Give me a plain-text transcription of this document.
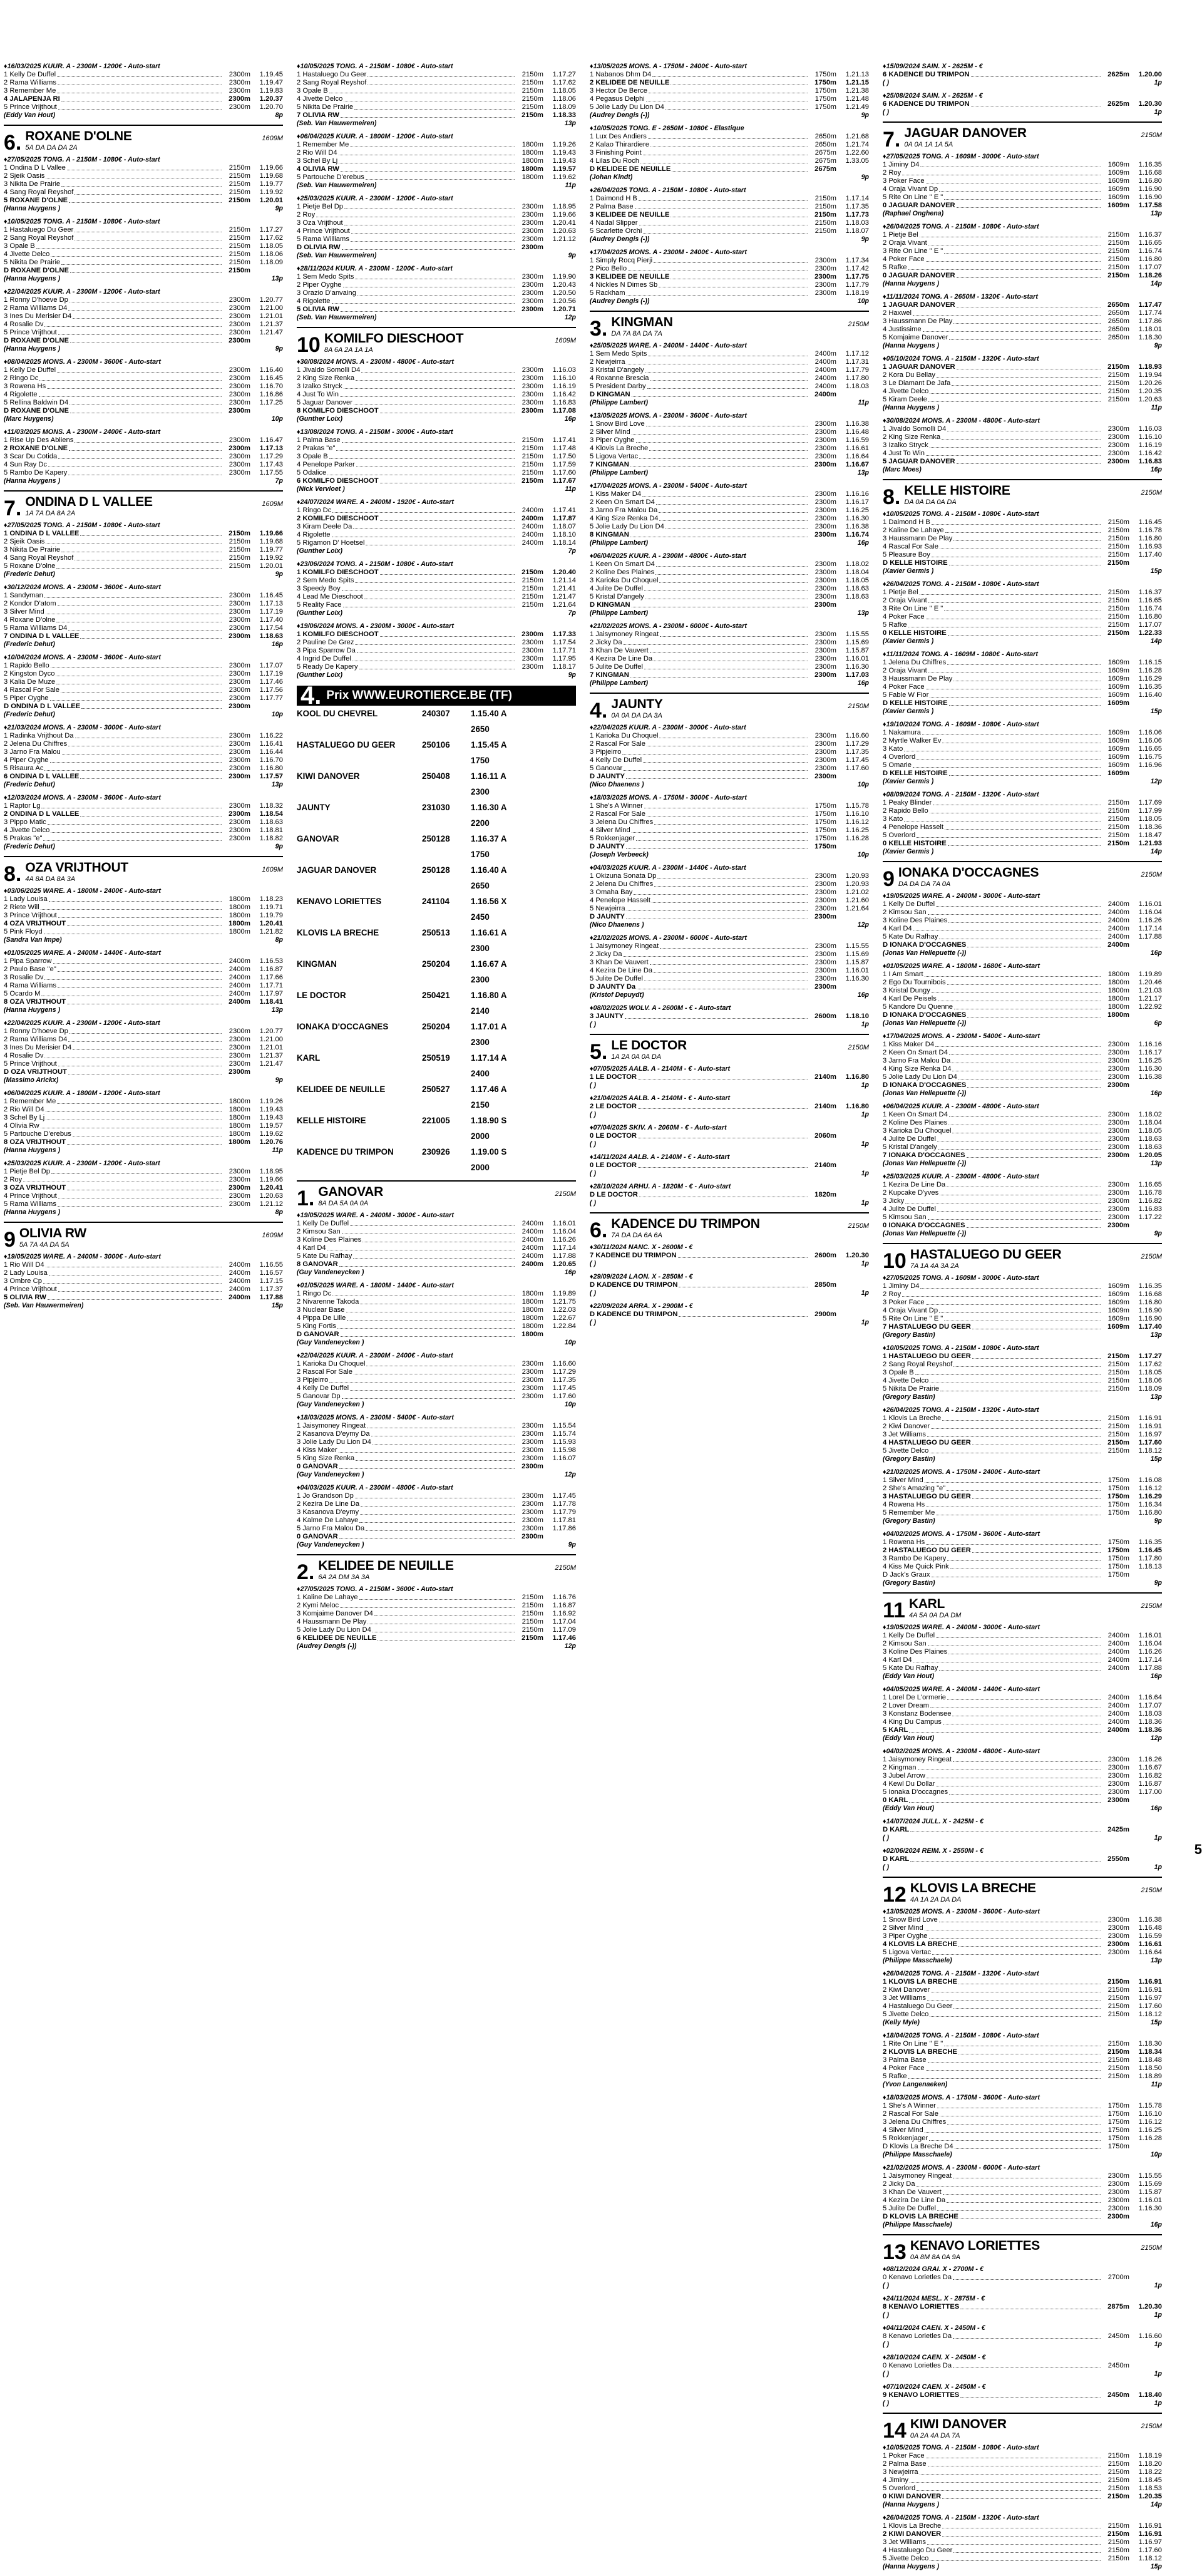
♦ 16/03/2025 KUUR. A - 2300M - 1200€ - Auto-start
1 Kelly De Duffel	2300m	1.19.45
2 Rama Williams	2300m	1.19.47
3 Remember Me	2300m	1.19.83
4 JALAPENJA RI	2300m	1.20.37
5 Prince Vrijthout	2300m	1.20.70
(Eddy Van Hout)	8p
6. ROXANE D'OLNE	1609M
5A DA DA DA 2A
♦ 27/05/2025 TONG. A - 2150M - 1080€ - Auto-start
1 Ondina D L Vallee	2150m	1.19.66
2 Sjeik Oasis	2150m	1.19.68
3 Nikita De Prairie	2150m	1.19.77
4 Sang Royal Reyshof	2150m	1.19.92
5 ROXANE D'OLNE	2150m	1.20.01
(Hanna Huygens )	9p
♦ 10/05/2025 TONG. A - 2150M - 1080€ - Auto-start
1 Hastaluego Du Geer	2150m	1.17.27
2 Sang Royal Reyshof	2150m	1.17.62
3 Opale B	2150m	1.18.05
4 Jivette Delco	2150m	1.18.06
5 Nikita De Prairie	2150m	1.18.09
D ROXANE D'OLNE	2150m
(Hanna Huygens )	13p
♦ 22/04/2025 KUUR. A - 2300M - 1200€ - Auto-start
1 Ronny D'hoeve Dp	2300m	1.20.77
2 Rama Williams D4	2300m	1.21.00
3 Ines Du Merisier D4	2300m	1.21.01
4 Rosalie Dv	2300m	1.21.37
5 Prince Vrijthout	2300m	1.21.47
D ROXANE D'OLNE	2300m
(Hanna Huygens )	9p
♦ 08/04/2025 MONS. A - 2300M - 3600€ - Auto-start
1 Kelly De Duffel	2300m	1.16.40
2 Ringo Dc	2300m	1.16.45
3 Rowena Hs	2300m	1.16.70
4 Rigolette	2300m	1.16.86
5 Rellina Baldwin D4	2300m	1.17.25
D ROXANE D'OLNE	2300m
(Marc Huygens)	10p
♦ 11/03/2025 MONS. A - 2300M - 2400€ - Auto-start
1 Rise Up Des Abliens	2300m	1.16.47
2 ROXANE D'OLNE	2300m	1.17.13
3 Scar Du Cotida	2300m	1.17.29
4 Sun Ray Dc	2300m	1.17.43
5 Rambo De Kapery	2300m	1.17.55
(Hanna Huygens )	7p
7. ONDINA D L VALLEE	1609M
1A 7A DA 8A 2A
♦ 27/05/2025 TONG. A - 2150M - 1080€ - Auto-start
1 ONDINA D L VALLEE	2150m	1.19.66
2 Sjeik Oasis	2150m	1.19.68
3 Nikita De Prairie	2150m	1.19.77
4 Sang Royal Reyshof	2150m	1.19.92
5 Roxane D'olne	2150m	1.20.01
(Frederic Dehut)	9p
♦ 30/12/2024 MONS. A - 2300M - 3600€ - Auto-start
1 Sandyman	2300m	1.16.45
2 Kondor D'atom	2300m	1.17.13
3 Silver Mind	2300m	1.17.19
4 Roxane D'olne	2300m	1.17.40
5 Rama Williams D4	2300m	1.17.54
7 ONDINA D L VALLEE	2300m	1.18.63
(Frederic Dehut)	16p
♦ 10/04/2024 MONS. A - 2300M - 3600€ - Auto-start
1 Rapido Bello	2300m	1.17.07
2 Kingston Dyco	2300m	1.17.19
3 Kalia De Muze	2300m	1.17.46
4 Rascal For Sale	2300m	1.17.56
5 Piper Oyghe	2300m	1.17.77
D ONDINA D L VALLEE	2300m
(Frederic Dehut)	10p
♦ 21/03/2024 MONS. A - 2300M - 3000€ - Auto-start
1 Radinka Vrijthout Da	2300m	1.16.22
2 Jelena Du Chiffres	2300m	1.16.41
3 Jarno Fra Malou	2300m	1.16.44
4 Piper Oyghe	2300m	1.16.70
5 Risaura Ac	2300m	1.16.80
6 ONDINA D L VALLEE	2300m	1.17.57
(Frederic Dehut)	13p
♦ 12/03/2024 MONS. A - 2300M - 3600€ - Auto-start
1 Raptor Lg	2300m	1.18.32
2 ONDINA D L VALLEE	2300m	1.18.54
3 Pippo Matic	2300m	1.18.63
4 Jivette Delco	2300m	1.18.81
5 Prakas "e"	2300m	1.18.82
(Frederic Dehut)	9p
8. OZA VRIJTHOUT	1609M
4A 8A DA 8A 3A
♦ 03/06/2025 WARE. A - 1800M - 2400€ - Auto-start
1 Lady Louisa	1800m	1.18.23
2 Riete Will	1800m	1.19.71
3 Prince Vrijthout	1800m	1.19.79
4 OZA VRIJTHOUT	1800m	1.20.41
5 Pink Floyd	1800m	1.21.82
(Sandra Van Impe)	8p
♦ 01/05/2025 WARE. A - 2400M - 1440€ - Auto-start
1 Pipa Sparrow	2400m	1.16.53
2 Paulo Base "e"	2400m	1.16.87
3 Rosalie Dv	2400m	1.17.66
4 Rama Williams	2400m	1.17.71
5 Ocardo M	2400m	1.17.97
8 OZA VRIJTHOUT	2400m	1.18.41
(Hanna Huygens )	13p
♦ 22/04/2025 KUUR. A - 2300M - 1200€ - Auto-start
1 Ronny D'hoeve Dp	2300m	1.20.77
2 Rama Williams D4	2300m	1.21.00
3 Ines Du Merisier D4	2300m	1.21.01
4 Rosalie Dv	2300m	1.21.37
5 Prince Vrijthout	2300m	1.21.47
D OZA VRIJTHOUT	2300m
(Massimo Arickx)	9p
♦ 06/04/2025 KUUR. A - 1800M - 1200€ - Auto-start
1 Remember Me	1800m	1.19.26
2 Rio Will D4	1800m	1.19.43
3 Schel By Lj	1800m	1.19.43
4 Olivia Rw	1800m	1.19.57
5 Partouche D'erebus	1800m	1.19.62
8 OZA VRIJTHOUT	1800m	1.20.76
(Hanna Huygens )	11p
♦ 25/03/2025 KUUR. A - 2300M - 1200€ - Auto-start
1 Pietje Bel Dp	2300m	1.18.95
2 Roy	2300m	1.19.66
3 OZA VRIJTHOUT	2300m	1.20.41
4 Prince Vrijthout	2300m	1.20.63
5 Rama Williams	2300m	1.21.12
(Hanna Huygens )	8p
9 OLIVIA RW	1609M
5A 7A 4A DA 5A
♦ 19/05/2025 WARE. A - 2400M - 3000€ - Auto-start
1 Rio Will D4	2400m	1.16.55
2 Lady Louisa	2400m	1.16.57
3 Ombre Cp	2400m	1.17.15
4 Prince Vrijthout	2400m	1.17.37
5 OLIVIA RW	2400m	1.17.88
(Seb. Van Hauwermeiren)	15p
♦ 10/05/2025 TONG. A - 2150M - 1080€ - Auto-start
1 Hastaluego Du Geer	2150m	1.17.27
2 Sang Royal Reyshof	2150m	1.17.62
3 Opale B	2150m	1.18.05
4 Jivette Delco	2150m	1.18.06
5 Nikita De Prairie	2150m	1.18.09
7 OLIVIA RW	2150m	1.18.33
(Seb. Van Hauwermeiren)	13p
♦ 06/04/2025 KUUR. A - 1800M - 1200€ - Auto-start
1 Remember Me	1800m	1.19.26
2 Rio Will D4	1800m	1.19.43
3 Schel By Lj	1800m	1.19.43
4 OLIVIA RW	1800m	1.19.57
5 Partouche D'erebus	1800m	1.19.62
(Seb. Van Hauwermeiren)	11p
♦ 25/03/2025 KUUR. A - 2300M - 1200€ - Auto-start
1 Pietje Bel Dp	2300m	1.18.95
2 Roy	2300m	1.19.66
3 Oza Vrijthout	2300m	1.20.41
4 Prince Vrijthout	2300m	1.20.63
5 Rama Williams	2300m	1.21.12
D OLIVIA RW	2300m
(Seb. Van Hauwermeiren)	9p
♦ 28/11/2024 KUUR. A - 2300M - 1200€ - Auto-start
1 Sem Medo Spits	2300m	1.19.90
2 Piper Oyghe	2300m	1.20.43
3 Orazio D'anvaing	2300m	1.20.50
4 Rigolette	2300m	1.20.56
5 OLIVIA RW	2300m	1.20.71
(Seb. Van Hauwermeiren)	12p
10 KOMILFO DIESCHOOT	1609M
8A 6A 2A 1A 1A
♦ 30/08/2024 MONS. A - 2300M - 4800€ - Auto-start
1 Jivaldo Somolli D4	2300m	1.16.03
2 King Size Renka	2300m	1.16.10
3 Izalko Stryck	2300m	1.16.19
4 Just To Win	2300m	1.16.42
5 Jaguar Danover	2300m	1.16.83
8 KOMILFO DIESCHOOT	2300m	1.17.08
(Gunther Loix)	16p
♦ 13/08/2024 TONG. A - 2150M - 3000€ - Auto-start
1 Palma Base	2150m	1.17.41
2 Prakas "e"	2150m	1.17.48
3 Opale B	2150m	1.17.50
4 Penelope Parker	2150m	1.17.59
5 Odalice	2150m	1.17.60
6 KOMILFO DIESCHOOT	2150m	1.17.67
(Nick Vervloet )	11p
♦ 24/07/2024 WARE. A - 2400M - 1920€ - Auto-start
1 Ringo Dc	2400m	1.17.41
2 KOMILFO DIESCHOOT	2400m	1.17.87
3 Kiram Deele Da	2400m	1.18.07
4 Rigolette	2400m	1.18.10
5 Rigamon D' Hoetsel	2400m	1.18.14
(Gunther Loix)	7p
♦ 23/06/2024 TONG. A - 2150M - 1080€ - Auto-start
1 KOMILFO DIESCHOOT	2150m	1.20.40
2 Sem Medo Spits	2150m	1.21.14
3 Speedy Boy	2150m	1.21.41
4 Lead Me Dieschoot	2150m	1.21.47
5 Reality Face	2150m	1.21.64
(Gunther Loix)	7p
♦ 19/06/2024 MONS. A - 2300M - 3000€ - Auto-start
1 KOMILFO DIESCHOOT	2300m	1.17.33
2 Pauline De Grez	2300m	1.17.54
3 Pipa Sparrow Da	2300m	1.17.71
4 Ingrid De Duffel	2300m	1.17.95
5 Ready De Kapery	2300m	1.18.17
(Gunther Loix)	9p
4. Prix WWW.EUROTIERCE.BE (TF)
KOOL DU CHEVREL	240307	1.15.40 A 2650
HASTALUEGO DU GEER	250106	1.15.45 A 1750
KIWI DANOVER	250408	1.16.11 A 2300
JAUNTY	231030	1.16.30 A 2200
GANOVAR	250128	1.16.37 A 1750
JAGUAR DANOVER	250128	1.16.40 A 2650
KENAVO LORIETTES	241104	1.16.56 X 2450
KLOVIS LA BRECHE	250513	1.16.61 A 2300
KINGMAN	250204	1.16.67 A 2300
LE DOCTOR	250421	1.16.80 A 2140
IONAKA D'OCCAGNES	250204	1.17.01 A 2300
KARL	250519	1.17.14 A 2400
KELIDEE DE NEUILLE	250527	1.17.46 A 2150
KELLE HISTOIRE	221005	1.18.90 S 2000
KADENCE DU TRIMPON	230926	1.19.00 S 2000
1. GANOVAR	2150M
8A DA 5A 0A 0A
♦ 19/05/2025 WARE. A - 2400M - 3000€ - Auto-start
1 Kelly De Duffel	2400m	1.16.01
2 Kimsou San	2400m	1.16.04
3 Koline Des Plaines	2400m	1.16.26
4 Karl D4	2400m	1.17.14
5 Kate Du Rafhay	2400m	1.17.88
8 GANOVAR	2400m	1.20.65
(Guy Vandeneycken )	16p
♦ 01/05/2025 WARE. A - 1800M - 1440€ - Auto-start
1 Ringo Dc	1800m	1.19.89
2 Nivarenne Takoda	1800m	1.21.75
3 Nuclear Base	1800m	1.22.03
4 Pippa De Lille	1800m	1.22.67
5 King Fortis	1800m	1.22.84
D GANOVAR	1800m
(Guy Vandeneycken )	10p
♦ 22/04/2025 KUUR. A - 2300M - 2400€ - Auto-start
1 Karioka Du Choquel	2300m	1.16.60
2 Rascal For Sale	2300m	1.17.29
3 Pipjeirro	2300m	1.17.35
4 Kelly De Duffel	2300m	1.17.45
5 Ganovar Dp	2300m	1.17.60
(Guy Vandeneycken )	10p
♦ 18/03/2025 MONS. A - 2300M - 5400€ - Auto-start
1 Jaisymoney Ringeat	2300m	1.15.54
2 Kasanova D'eymy Da	2300m	1.15.74
3 Jolie Lady Du Lion D4	2300m	1.15.93
4 Kiss Maker	2300m	1.15.98
5 King Size Renka	2300m	1.16.07
0 GANOVAR	2300m
(Guy Vandeneycken )	12p
♦ 04/03/2025 KUUR. A - 2300M - 4800€ - Auto-start
1 Jo Grandson Dp	2300m	1.17.45
2 Kezira De Line Da	2300m	1.17.78
3 Kasanova D'eymy	2300m	1.17.79
4 Kalme De Lahaye	2300m	1.17.81
5 Jarno Fra Malou Da	2300m	1.17.86
0 GANOVAR	2300m
(Guy Vandeneycken )	9p
2. KELIDEE DE NEUILLE	2150M
6A 2A DM 3A 3A
♦ 27/05/2025 TONG. A - 2150M - 3600€ - Auto-start
1 Kaline De Lahaye	2150m	1.16.76
2 Kymi Meloc	2150m	1.16.87
3 Komjaime Danover D4	2150m	1.16.92
4 Haussmann De Play	2150m	1.17.04
5 Jolie Lady Du Lion D4	2150m	1.17.09
6 KELIDEE DE NEUILLE	2150m	1.17.46
(Audrey Dengis (-))	12p
♦ 13/05/2025 MONS. A - 1750M - 2400€ - Auto-start
1 Nabanos Dhm D4	1750m	1.21.13
2 KELIDEE DE NEUILLE	1750m	1.21.15
3 Hector De Berce	1750m	1.21.38
4 Pegasus Delphi	1750m	1.21.48
5 Jolie Lady Du Lion D4	1750m	1.21.49
(Audrey Dengis (-))	9p
♦ 10/05/2025 TONG. E - 2650M - 1080€ - Elastique
1 Lux Des Andiers	2650m	1.21.68
2 Kalao Thirardiere	2650m	1.21.74
3 Finishing Point	2675m	1.22.60
4 Lilas Du Roch	2675m	1.33.05
D KELIDEE DE NEUILLE	2675m
(Johan Kindt)	9p
♦ 26/04/2025 TONG. A - 2150M - 1080€ - Auto-start
1 Daimond H B	2150m	1.17.14
2 Palma Base	2150m	1.17.35
3 KELIDEE DE NEUILLE	2150m	1.17.73
4 Nadal Slipper	2150m	1.18.03
5 Scarlette Orchi	2150m	1.18.07
(Audrey Dengis (-))	9p
♦ 17/04/2025 MONS. A - 2300M - 2400€ - Auto-start
1 Simply Rocq Pierji	2300m	1.17.34
2 Pico Bello	2300m	1.17.42
3 KELIDEE DE NEUILLE	2300m	1.17.75
4 Nickles N Dimes Sb	2300m	1.17.79
5 Rackham	2300m	1.18.19
(Audrey Dengis (-))	10p
3. KINGMAN	2150M
DA 7A 8A DA 7A
♦ 25/05/2025 WARE. A - 2400M - 1440€ - Auto-start
1 Sem Medo Spits	2400m	1.17.12
2 Newjeirra	2400m	1.17.31
3 Kristal D'angely	2400m	1.17.79
4 Roxanne Brescia	2400m	1.17.80
5 President Darby	2400m	1.18.03
D KINGMAN	2400m
(Philippe Lambert)	11p
♦ 13/05/2025 MONS. A - 2300M - 3600€ - Auto-start
1 Snow Bird Love	2300m	1.16.38
2 Silver Mind	2300m	1.16.48
3 Piper Oyghe	2300m	1.16.59
4 Klovis La Breche	2300m	1.16.61
5 Ligova Vertac	2300m	1.16.64
7 KINGMAN	2300m	1.16.67
(Philippe Lambert)	13p
♦ 17/04/2025 MONS. A - 2300M - 5400€ - Auto-start
1 Kiss Maker D4	2300m	1.16.16
2 Keen On Smart D4	2300m	1.16.17
3 Jarno Fra Malou Da	2300m	1.16.25
4 King Size Renka D4	2300m	1.16.30
5 Jolie Lady Du Lion D4	2300m	1.16.38
8 KINGMAN	2300m	1.16.74
(Philippe Lambert)	16p
♦ 06/04/2025 KUUR. A - 2300M - 4800€ - Auto-start
1 Keen On Smart D4	2300m	1.18.02
2 Koline Des Plaines	2300m	1.18.04
3 Karioka Du Choquel	2300m	1.18.05
4 Julite De Duffel	2300m	1.18.63
5 Kristal D'angely	2300m	1.18.63
D KINGMAN	2300m
(Philippe Lambert)	13p
♦ 21/02/2025 MONS. A - 2300M - 6000€ - Auto-start
1 Jaisymoney Ringeat	2300m	1.15.55
2 Jicky Da	2300m	1.15.69
3 Khan De Vauvert	2300m	1.15.87
4 Kezira De Line Da	2300m	1.16.01
5 Julite De Duffel	2300m	1.16.30
7 KINGMAN	2300m	1.17.03
(Philippe Lambert)	16p
4. JAUNTY	2150M
0A 0A DA DA 3A
♦ 22/04/2025 KUUR. A - 2300M - 3000€ - Auto-start
1 Karioka Du Choquel	2300m	1.16.60
2 Rascal For Sale	2300m	1.17.29
3 Pipjeirro	2300m	1.17.35
4 Kelly De Duffel	2300m	1.17.45
5 Ganovar	2300m	1.17.60
D JAUNTY	2300m
(Nico Dhaenens )	10p
♦ 18/03/2025 MONS. A - 1750M - 3000€ - Auto-start
1 She's A Winner	1750m	1.15.78
2 Rascal For Sale	1750m	1.16.10
3 Jelena Du Chiffres	1750m	1.16.12
4 Silver Mind	1750m	1.16.25
5 Rokkenjager	1750m	1.16.28
D JAUNTY	1750m
(Joseph Verbeeck)	10p
♦ 04/03/2025 KUUR. A - 2300M - 1440€ - Auto-start
1 Okizuna Sonata Dp	2300m	1.20.93
2 Jelena Du Chiffres	2300m	1.20.93
3 Omaha Bay	2300m	1.21.02
4 Penelope Hasselt	2300m	1.21.60
5 Newjeirra	2300m	1.21.64
D JAUNTY	2300m
(Nico Dhaenens )	12p
♦ 21/02/2025 MONS. A - 2300M - 6000€ - Auto-start
1 Jaisymoney Ringeat	2300m	1.15.55
2 Jicky Da	2300m	1.15.69
3 Khan De Vauvert	2300m	1.15.87
4 Kezira De Line Da	2300m	1.16.01
5 Julite De Duffel	2300m	1.16.30
D JAUNTY Da	2300m
(Kristof Depuydt)	16p
♦ 08/02/2025 WOLV. A - 2600M - € - Auto-start
3 JAUNTY	2600m	1.18.10
( )	1p
5. LE DOCTOR	2150M
1A 2A 0A 0A DA
♦ 07/05/2025 AALB. A - 2140M - € - Auto-start
1 LE DOCTOR	2140m	1.16.80
( )	1p
♦ 21/04/2025 AALB. A - 2140M - € - Auto-start
2 LE DOCTOR	2140m	1.16.80
( )	1p
♦ 07/04/2025 SKIV. A - 2060M - € - Auto-start
0 LE DOCTOR	2060m
( )	1p
♦ 14/11/2024 AALB. A - 2140M - € - Auto-start
0 LE DOCTOR	2140m
( )	1p
♦ 28/10/2024 ARHU. A - 1820M - € - Auto-start
D LE DOCTOR	1820m
( )	1p
6. KADENCE DU TRIMPON	2150M
7A DA DA 6A 6A
♦ 30/11/2024 NANC. X - 2600M - €
7 KADENCE DU TRIMPON	2600m	1.20.30
( )	1p
♦ 29/09/2024 LAON. X - 2850M - €
D KADENCE DU TRIMPON	2850m
( )	1p
♦ 22/09/2024 ARRA. X - 2900M - €
D KADENCE DU TRIMPON	2900m
( )	1p
♦ 15/09/2024 SAIN. X - 2625M - €
6 KADENCE DU TRIMPON	2625m	1.20.00
( )	1p
♦ 25/08/2024 SAIN. X - 2625M - €
6 KADENCE DU TRIMPON	2625m	1.20.30
( )	1p
7. JAGUAR DANOVER	2150M
0A 0A 1A 1A 5A
♦ 27/05/2025 TONG. A - 1609M - 3000€ - Auto-start
1 Jiminy D4	1609m	1.16.35
2 Roy	1609m	1.16.68
3 Poker Face	1609m	1.16.80
4 Oraja Vivant Dp	1609m	1.16.90
5 Rite On Line " E "	1609m	1.16.90
0 JAGUAR DANOVER	1609m	1.17.58
(Raphael Onghena)	13p
♦ 26/04/2025 TONG. A - 2150M - 1080€ - Auto-start
1 Pietje Bel	2150m	1.16.37
2 Oraja Vivant	2150m	1.16.65
3 Rite On Line " E "	2150m	1.16.74
4 Poker Face	2150m	1.16.80
5 Rafke	2150m	1.17.07
0 JAGUAR DANOVER	2150m	1.18.26
(Hanna Huygens )	14p
♦ 11/11/2024 TONG. A - 2650M - 1320€ - Auto-start
1 JAGUAR DANOVER	2650m	1.17.47
2 Haxwel	2650m	1.17.74
3 Haussmann De Play	2650m	1.17.86
4 Justissime	2650m	1.18.01
5 Komjaime Danover	2650m	1.18.30
(Hanna Huygens )	9p
♦ 05/10/2024 TONG. A - 2150M - 1320€ - Auto-start
1 JAGUAR DANOVER	2150m	1.18.93
2 Kora Du Bellay	2150m	1.19.94
3 Le Diamant De Jafa	2150m	1.20.26
4 Jivette Delco	2150m	1.20.35
5 Kiram Deele	2150m	1.20.63
(Hanna Huygens )	11p
♦ 30/08/2024 MONS. A - 2300M - 4800€ - Auto-start
1 Jivaldo Somolli D4	2300m	1.16.03
2 King Size Renka	2300m	1.16.10
3 Izalko Stryck	2300m	1.16.19
4 Just To Win	2300m	1.16.42
5 JAGUAR DANOVER	2300m	1.16.83
(Marc Moes)	16p
8. KELLE HISTOIRE	2150M
DA 0A DA 0A DA
♦ 10/05/2025 TONG. A - 2150M - 1080€ - Auto-start
1 Daimond H B	2150m	1.16.45
2 Kaline De Lahaye	2150m	1.16.78
3 Haussmann De Play	2150m	1.16.80
4 Rascal For Sale	2150m	1.16.93
5 Pleasure Boy	2150m	1.17.40
D KELLE HISTOIRE	2150m
(Xavier Germis )	15p
♦ 26/04/2025 TONG. A - 2150M - 1080€ - Auto-start
1 Pietje Bel	2150m	1.16.37
2 Oraja Vivant	2150m	1.16.65
3 Rite On Line " E "	2150m	1.16.74
4 Poker Face	2150m	1.16.80
5 Rafke	2150m	1.17.07
0 KELLE HISTOIRE	2150m	1.22.33
(Xavier Germis )	14p
♦ 11/11/2024 TONG. A - 1609M - 1080€ - Auto-start
1 Jelena Du Chiffres	1609m	1.16.15
2 Oraja Vivant	1609m	1.16.28
3 Haussmann De Play	1609m	1.16.29
4 Poker Face	1609m	1.16.35
5 Fable W Fior	1609m	1.16.40
D KELLE HISTOIRE	1609m
(Xavier Germis )	15p
♦ 19/10/2024 TONG. A - 1609M - 1080€ - Auto-start
1 Nakamura	1609m	1.16.06
2 Myrtle Walker Ev	1609m	1.16.06
3 Kato	1609m	1.16.65
4 Overlord	1609m	1.16.75
5 Omarie	1609m	1.16.96
D KELLE HISTOIRE	1609m
(Xavier Germis )	12p
♦ 08/09/2024 TONG. A - 2150M - 1320€ - Auto-start
1 Peaky Blinder	2150m	1.17.69
2 Rapido Bello	2150m	1.17.99
3 Kato	2150m	1.18.05
4 Penelope Hasselt	2150m	1.18.36
5 Overlord	2150m	1.18.47
0 KELLE HISTOIRE	2150m	1.21.93
(Xavier Germis )	14p
9 IONAKA D'OCCAGNES	2150M
DA DA DA 7A 0A
♦ 19/05/2025 WARE. A - 2400M - 3000€ - Auto-start
1 Kelly De Duffel	2400m	1.16.01
2 Kimsou San	2400m	1.16.04
3 Koline Des Plaines	2400m	1.16.26
4 Karl D4	2400m	1.17.14
5 Kate Du Rafhay	2400m	1.17.88
D IONAKA D'OCCAGNES	2400m
(Jonas Van Hellepuette (-))	16p
♦ 01/05/2025 WARE. A - 1800M - 1680€ - Auto-start
1 I Am Smart	1800m	1.19.89
2 Ego Du Tournibois	1800m	1.20.46
3 Kristal Dungy	1800m	1.21.03
4 Karl De Peisels	1800m	1.21.17
5 Kandore Du Quenne	1800m	1.22.92
D IONAKA D'OCCAGNES	1800m
(Jonas Van Hellepuette (-))	6p
♦ 17/04/2025 MONS. A - 2300M - 5400€ - Auto-start
1 Kiss Maker D4	2300m	1.16.16
2 Keen On Smart D4	2300m	1.16.17
3 Jarno Fra Malou Da	2300m	1.16.25
4 King Size Renka D4	2300m	1.16.30
5 Jolie Lady Du Lion D4	2300m	1.16.38
D IONAKA D'OCCAGNES	2300m
(Jonas Van Hellepuette (-))	16p
♦ 06/04/2025 KUUR. A - 2300M - 4800€ - Auto-start
1 Keen On Smart D4	2300m	1.18.02
2 Koline Des Plaines	2300m	1.18.04
3 Karioka Du Choquel	2300m	1.18.05
4 Julite De Duffel	2300m	1.18.63
5 Kristal D'angely	2300m	1.18.63
7 IONAKA D'OCCAGNES	2300m	1.20.05
(Jonas Van Hellepuette (-))	13p
♦ 25/03/2025 KUUR. A - 2300M - 4800€ - Auto-start
1 Kezira De Line Da	2300m	1.16.65
2 Kupcake D'yves	2300m	1.16.78
3 Jicky	2300m	1.16.82
4 Julite De Duffel	2300m	1.16.83
5 Kimsou San	2300m	1.17.22
0 IONAKA D'OCCAGNES	2300m
(Jonas Van Hellepuette (-))	9p
10 HASTALUEGO DU GEER	2150M
7A 1A 4A 3A 2A
♦ 27/05/2025 TONG. A - 1609M - 3000€ - Auto-start
1 Jiminy D4	1609m	1.16.35
2 Roy	1609m	1.16.68
3 Poker Face	1609m	1.16.80
4 Oraja Vivant Dp	1609m	1.16.90
5 Rite On Line " E "	1609m	1.16.90
7 HASTALUEGO DU GEER	1609m	1.17.40
(Gregory Bastin)	13p
♦ 10/05/2025 TONG. A - 2150M - 1080€ - Auto-start
1 HASTALUEGO DU GEER	2150m	1.17.27
2 Sang Royal Reyshof	2150m	1.17.62
3 Opale B	2150m	1.18.05
4 Jivette Delco	2150m	1.18.06
5 Nikita De Prairie	2150m	1.18.09
(Gregory Bastin)	13p
♦ 26/04/2025 TONG. A - 2150M - 1320€ - Auto-start
1 Klovis La Breche	2150m	1.16.91
2 Kiwi Danover	2150m	1.16.91
3 Jet Williams	2150m	1.16.97
4 HASTALUEGO DU GEER	2150m	1.17.60
5 Jivette Delco	2150m	1.18.12
(Gregory Bastin)	15p
♦ 21/02/2025 MONS. A - 1750M - 2400€ - Auto-start
1 Silver Mind	1750m	1.16.08
2 She's Amazing "e"	1750m	1.16.12
3 HASTALUEGO DU GEER	1750m	1.16.29
4 Rowena Hs	1750m	1.16.34
5 Remember Me	1750m	1.16.80
(Gregory Bastin)	9p
♦ 04/02/2025 MONS. A - 1750M - 3600€ - Auto-start
1 Rowena Hs	1750m	1.16.35
2 HASTALUEGO DU GEER	1750m	1.16.45
3 Rambo De Kapery	1750m	1.17.80
4 Kiss Me Quick Pink	1750m	1.18.13
D Jack's Graux	1750m
(Gregory Bastin)	9p
11 KARL	2150M
4A 5A 0A DA DM
♦ 19/05/2025 WARE. A - 2400M - 3000€ - Auto-start
1 Kelly De Duffel	2400m	1.16.01
2 Kimsou San	2400m	1.16.04
3 Koline Des Plaines	2400m	1.16.26
4 Karl D4	2400m	1.17.14
5 Kate Du Rafhay	2400m	1.17.88
(Eddy Van Hout)	16p
♦ 04/05/2025 WARE. A - 2400M - 1440€ - Auto-start
1 Lorel De L'ormerie	2400m	1.16.64
2 Lover Dream	2400m	1.17.07
3 Konstanz Bodensee	2400m	1.18.03
4 King Du Campus	2400m	1.18.36
5 KARL	2400m	1.18.36
(Eddy Van Hout)	12p
♦ 04/02/2025 MONS. A - 2300M - 4800€ - Auto-start
1 Jaisymoney Ringeat	2300m	1.16.26
2 Kingman	2300m	1.16.67
3 Jubel Arrow	2300m	1.16.82
4 Kewl Du Dollar	2300m	1.16.87
5 Ionaka D'occagnes	2300m	1.17.00
0 KARL	2300m
(Eddy Van Hout)	16p
♦ 14/07/2024 JULL. X - 2425M - €
D KARL	2425m
( )	1p
♦ 02/06/2024 REIM. X - 2550M - €
D KARL	2550m
( )	1p
12 KLOVIS LA BRECHE	2150M
4A 1A 2A DA DA
♦ 13/05/2025 MONS. A - 2300M - 3600€ - Auto-start
1 Snow Bird Love	2300m	1.16.38
2 Silver Mind	2300m	1.16.48
3 Piper Oyghe	2300m	1.16.59
4 KLOVIS LA BRECHE	2300m	1.16.61
5 Ligova Vertac	2300m	1.16.64
(Philippe Masschaele)	13p
♦ 26/04/2025 TONG. A - 2150M - 1320€ - Auto-start
1 KLOVIS LA BRECHE	2150m	1.16.91
2 Kiwi Danover	2150m	1.16.91
3 Jet Williams	2150m	1.16.97
4 Hastaluego Du Geer	2150m	1.17.60
5 Jivette Delco	2150m	1.18.12
(Kelly Myle)	15p
♦ 18/04/2025 TONG. A - 2150M - 1080€ - Auto-start
1 Rite On Line " E "	2150m	1.18.30
2 KLOVIS LA BRECHE	2150m	1.18.34
3 Palma Base	2150m	1.18.48
4 Poker Face	2150m	1.18.50
5 Rafke	2150m	1.18.89
(Yvon Langenaeken)	11p
♦ 18/03/2025 MONS. A - 1750M - 3600€ - Auto-start
1 She's A Winner	1750m	1.15.78
2 Rascal For Sale	1750m	1.16.10
3 Jelena Du Chiffres	1750m	1.16.12
4 Silver Mind	1750m	1.16.25
5 Rokkenjager	1750m	1.16.28
D Klovis La Breche D4	1750m
(Philippe Masschaele)	10p
♦ 21/02/2025 MONS. A - 2300M - 6000€ - Auto-start
1 Jaisymoney Ringeat	2300m	1.15.55
2 Jicky Da	2300m	1.15.69
3 Khan De Vauvert	2300m	1.15.87
4 Kezira De Line Da	2300m	1.16.01
5 Julite De Duffel	2300m	1.16.30
D KLOVIS LA BRECHE	2300m
(Philippe Masschaele)	16p
13 KENAVO LORIETTES	2150M
0A 8M 8A 0A 9A
♦ 08/12/2024 GRAI. X - 2700M - €
0 Kenavo Lorietles Da	2700m
( )	1p
♦ 24/11/2024 MESL. X - 2875M - €
8 KENAVO LORIETTES	2875m	1.20.30
( )	1p
♦ 04/11/2024 CAEN. X - 2450M - €
8 Kenavo Lorietles Da	2450m	1.16.60
( )	1p
♦ 28/10/2024 CAEN. X - 2450M - €
0 Kenavo Lorietles Da	2450m
( )	1p
♦ 07/10/2024 CAEN. X - 2450M - €
9 KENAVO LORIETTES	2450m	1.18.40
( )	1p
14 KIWI DANOVER	2150M
0A 2A 4A DA 7A
♦ 10/05/2025 TONG. A - 2150M - 1080€ - Auto-start
1 Poker Face	2150m	1.18.19
2 Palma Base	2150m	1.18.20
3 Newjeirra	2150m	1.18.22
4 Jiminy	2150m	1.18.45
5 Overlord	2150m	1.18.53
0 KIWI DANOVER	2150m	1.20.35
(Hanna Huygens )	14p
♦ 26/04/2025 TONG. A - 2150M - 1320€ - Auto-start
1 Klovis La Breche	2150m	1.16.91
2 KIWI DANOVER	2150m	1.16.91
3 Jet Williams	2150m	1.16.97
4 Hastaluego Du Geer	2150m	1.17.60
5 Jivette Delco	2150m	1.18.12
(Hanna Huygens )	15p
5
